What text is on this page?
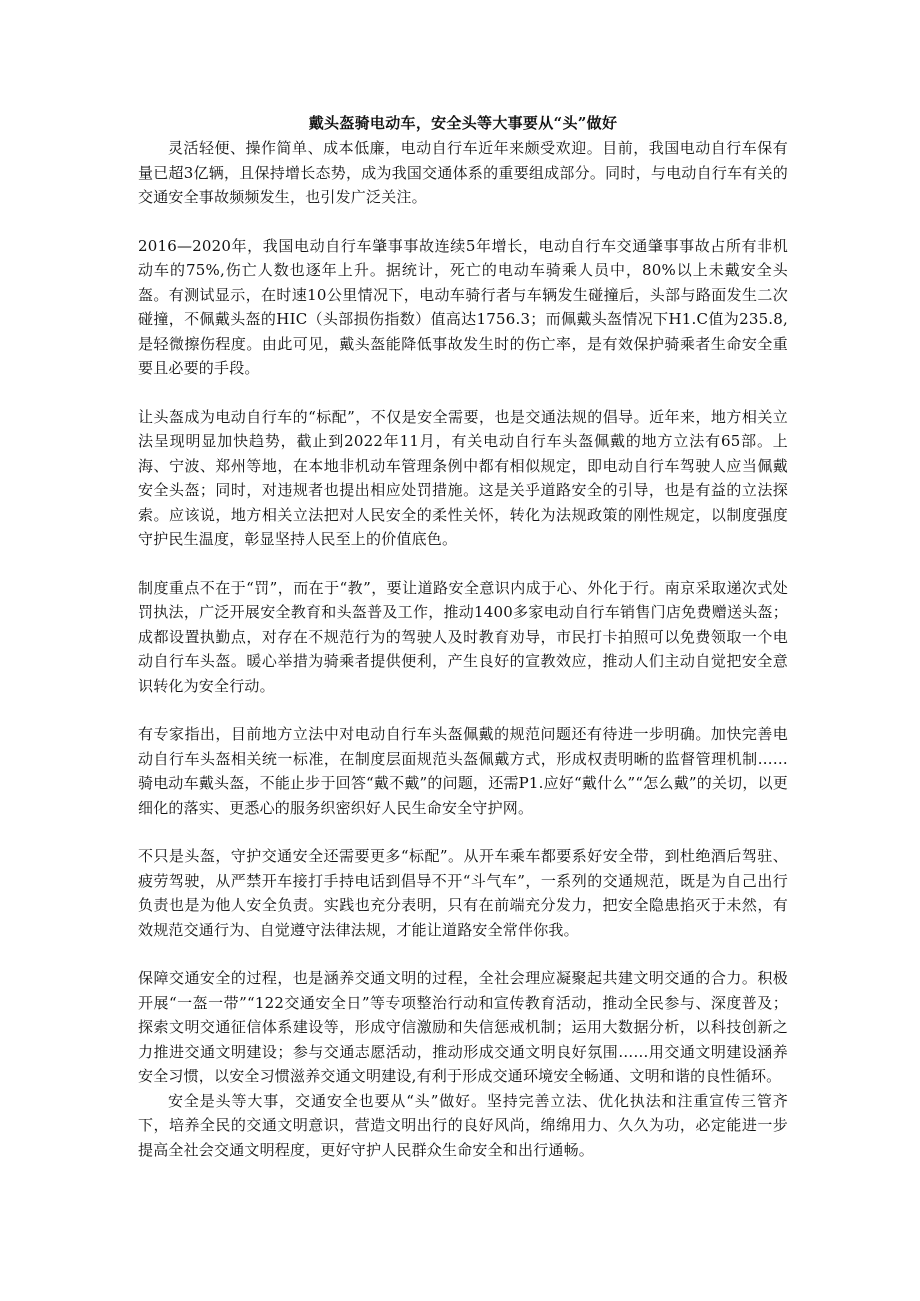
戴头盔骑电动车，安全头等大事要从“头”做好

灵活轻便、操作简单、成本低廉，电动自行车近年来颇受欢迎。目前，我国电动自行车保有量已超3亿辆，且保持增长态势，成为我国交通体系的重要组成部分。同时，与电动自行车有关的交通安全事故频频发生，也引发广泛关注。

2016—2020年，我国电动自行车肇事事故连续5年增长，电动自行车交通肇事事故占所有非机动车的75%,伤亡人数也逐年上升。据统计，死亡的电动车骑乘人员中，80%以上未戴安全头盔。有测试显示，在时速10公里情况下，电动车骑行者与车辆发生碰撞后，头部与路面发生二次碰撞，不佩戴头盔的HIC（头部损伤指数）值高达1756.3；而佩戴头盔情况下H1.C值为235.8,是轻微擦伤程度。由此可见，戴头盔能降低事故发生时的伤亡率，是有效保护骑乘者生命安全重要且必要的手段。

让头盔成为电动自行车的“标配”，不仅是安全需要，也是交通法规的倡导。近年来，地方相关立法呈现明显加快趋势，截止到2022年11月，有关电动自行车头盔佩戴的地方立法有65部。上海、宁波、郑州等地，在本地非机动车管理条例中都有相似规定，即电动自行车驾驶人应当佩戴安全头盔；同时，对违规者也提出相应处罚措施。这是关乎道路安全的引导，也是有益的立法探索。应该说，地方相关立法把对人民安全的柔性关怀，转化为法规政策的刚性规定，以制度强度守护民生温度，彰显坚持人民至上的价值底色。

制度重点不在于“罚”，而在于“教”，要让道路安全意识内成于心、外化于行。南京采取递次式处罚执法，广泛开展安全教育和头盔普及工作，推动1400多家电动自行车销售门店免费赠送头盔；成都设置执勤点，对存在不规范行为的驾驶人及时教育劝导，市民打卡拍照可以免费领取一个电动自行车头盔。暖心举措为骑乘者提供便利，产生良好的宣教效应，推动人们主动自觉把安全意识转化为安全行动。

有专家指出，目前地方立法中对电动自行车头盔佩戴的规范问题还有待进一步明确。加快完善电动自行车头盔相关统一标准，在制度层面规范头盔佩戴方式，形成权责明晰的监督管理机制……骑电动车戴头盔，不能止步于回答“戴不戴”的问题，还需P1.应好“戴什么”“怎么戴”的关切，以更细化的落实、更悉心的服务织密织好人民生命安全守护网。

不只是头盔，守护交通安全还需要更多“标配”。从开车乘车都要系好安全带，到杜绝酒后驾驻、疲劳驾驶，从严禁开车接打手持电话到倡导不开“斗气车”，一系列的交通规范，既是为自己出行负责也是为他人安全负责。实践也充分表明，只有在前端充分发力，把安全隐患掐灭于未然，有效规范交通行为、自觉遵守法律法规，才能让道路安全常伴你我。

保障交通安全的过程，也是涵养交通文明的过程，全社会理应凝聚起共建文明交通的合力。积极开展“一盔一带”“122交通安全日”等专项整治行动和宣传教育活动，推动全民参与、深度普及；探索文明交通征信体系建设等，形成守信激励和失信惩戒机制；运用大数据分析，以科技创新之力推进交通文明建设；参与交通志愿活动，推动形成交通文明良好氛围……用交通文明建设涵养安全习惯，以安全习惯滋养交通文明建设,有利于形成交通环境安全畅通、文明和谐的良性循环。

安全是头等大事，交通安全也要从“头”做好。坚持完善立法、优化执法和注重宣传三管齐下，培养全民的交通文明意识，营造文明出行的良好风尚，绵绵用力、久久为功，必定能进一步提高全社会交通文明程度，更好守护人民群众生命安全和出行通畅。
